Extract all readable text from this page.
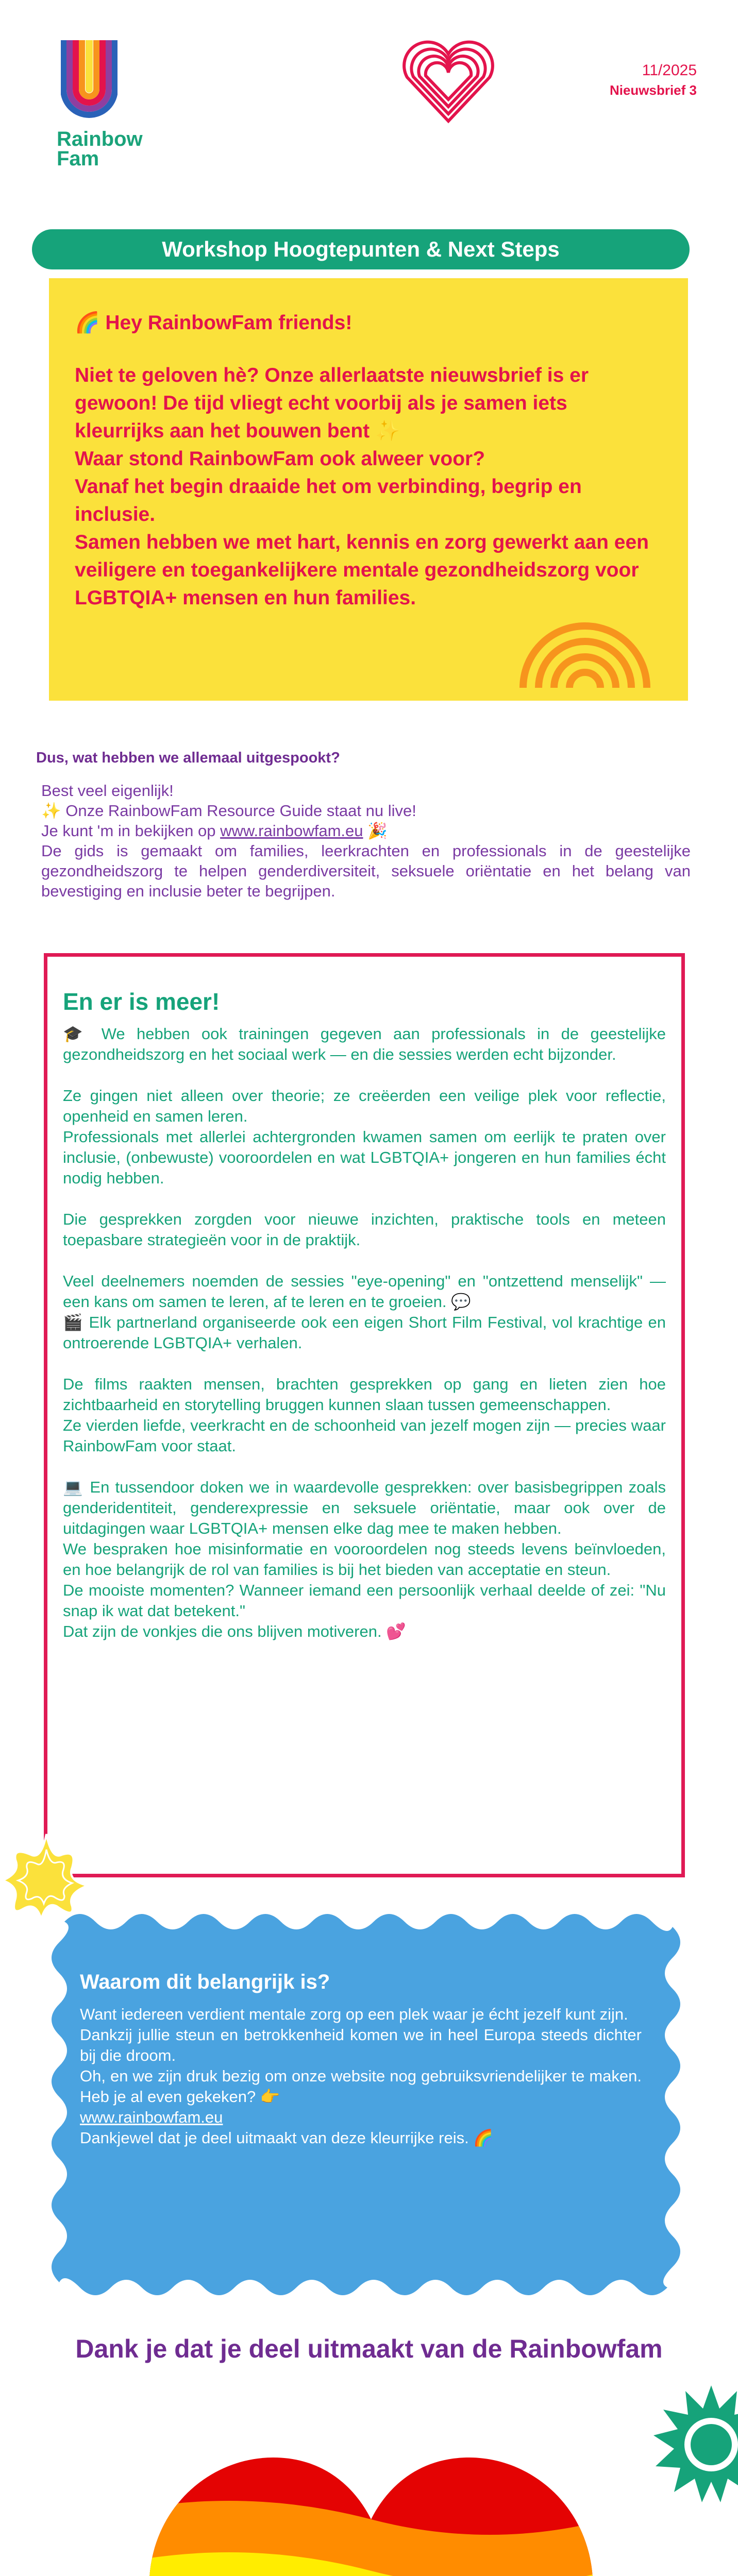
Rainbow
Fam
11/2025
Nieuwsbrief 3
Workshop Hoogtepunten & Next Steps

🌈 Hey RainbowFam friends!

Niet te geloven hè? Onze allerlaatste nieuwsbrief is er gewoon! De tijd vliegt echt voorbij als je samen iets kleurrijks aan het bouwen bent ✨

Waar stond RainbowFam ook alweer voor?

Vanaf het begin draaide het om verbinding, begrip en inclusie.

Samen hebben we met hart, kennis en zorg gewerkt aan een veiligere en toegankelijkere mentale gezondheidszorg voor LGBTQIA+ mensen en hun families.

Dus, wat hebben we allemaal uitgespookt?
Best veel eigenlijk!
✨ Onze RainbowFam Resource Guide staat nu live!
Je kunt 'm in bekijken op www.rainbowfam.eu 🎉
De gids is gemaakt om families, leerkrachten en professionals in de geestelijke gezondheidszorg te helpen genderdiversiteit, seksuele oriëntatie en het belang van bevestiging en inclusie beter te begrijpen.
En er is meer!
🎓 We hebben ook trainingen gegeven aan professionals in de geestelijke gezondheidszorg en het sociaal werk — en die sessies werden echt bijzonder.
Ze gingen niet alleen over theorie; ze creëerden een veilige plek voor reflectie, openheid en samen leren.
Professionals met allerlei achtergronden kwamen samen om eerlijk te praten over inclusie, (onbewuste) vooroordelen en wat LGBTQIA+ jongeren en hun families écht nodig hebben.
Die gesprekken zorgden voor nieuwe inzichten, praktische tools en meteen toepasbare strategieën voor in de praktijk.
Veel deelnemers noemden de sessies "eye-opening" en "ontzettend menselijk" — een kans om samen te leren, af te leren en te groeien. 💬
🎬 Elk partnerland organiseerde ook een eigen Short Film Festival, vol krachtige en ontroerende LGBTQIA+ verhalen.
De films raakten mensen, brachten gesprekken op gang en lieten zien hoe zichtbaarheid en storytelling bruggen kunnen slaan tussen gemeenschappen.
Ze vierden liefde, veerkracht en de schoonheid van jezelf mogen zijn — precies waar RainbowFam voor staat.
💻 En tussendoor doken we in waardevolle gesprekken: over basisbegrippen zoals genderidentiteit, genderexpressie en seksuele oriëntatie, maar ook over de uitdagingen waar LGBTQIA+ mensen elke dag mee te maken hebben.
We bespraken hoe misinformatie en vooroordelen nog steeds levens beïnvloeden, en hoe belangrijk de rol van families is bij het bieden van acceptatie en steun.
De mooiste momenten? Wanneer iemand een persoonlijk verhaal deelde of zei: "Nu snap ik wat dat betekent."
Dat zijn de vonkjes die ons blijven motiveren. 💕
Waarom dit belangrijk is?
Want iedereen verdient mentale zorg op een plek waar je écht jezelf kunt zijn.
Dankzij jullie steun en betrokkenheid komen we in heel Europa steeds dichter bij die droom.
Oh, en we zijn druk bezig om onze website nog gebruiksvriendelijker te maken. Heb je al even gekeken? 👉
www.rainbowfam.eu
Dankjewel dat je deel uitmaakt van deze kleurrijke reis. 🌈
Dank je dat je deel uitmaakt van de Rainbowfam
